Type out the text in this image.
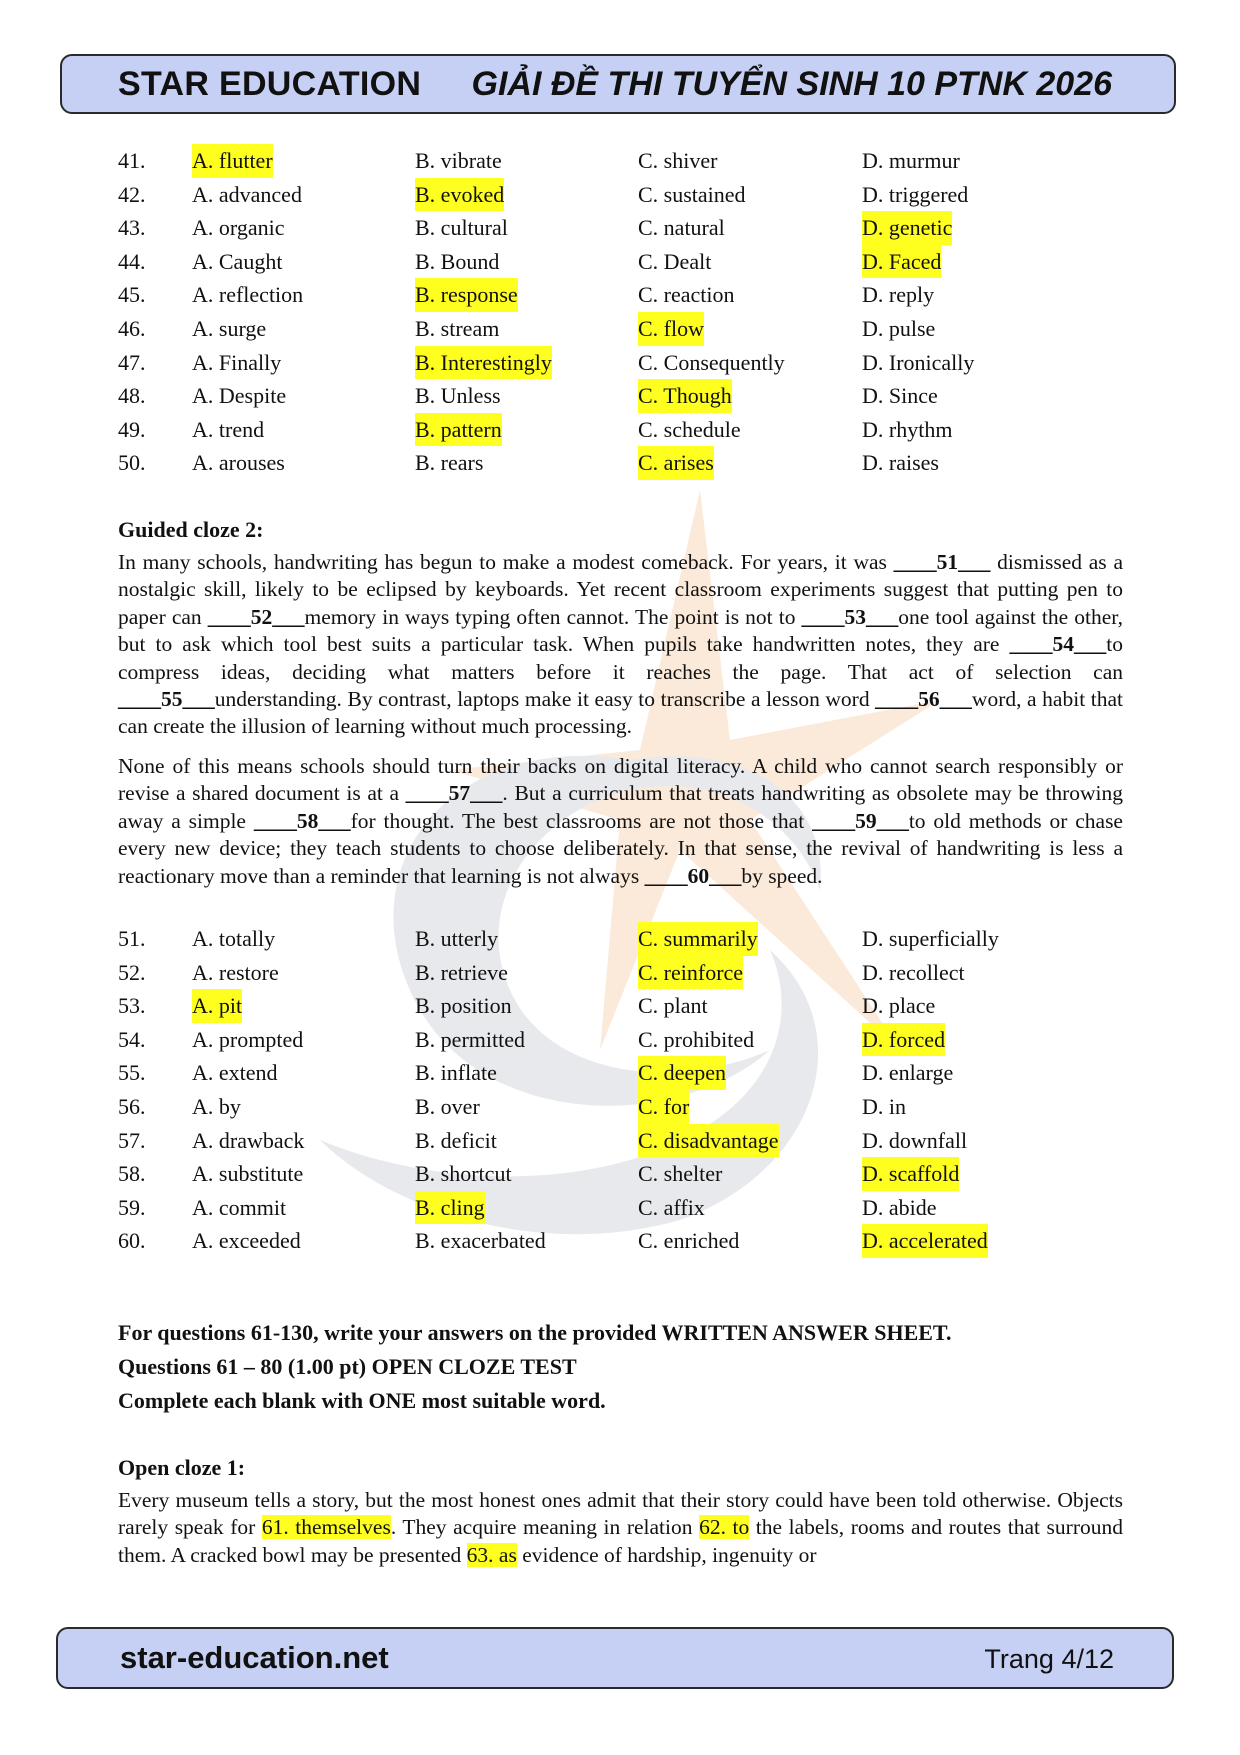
STAR EDUCATION GIẢI ĐỀ THI TUYỂN SINH 10 PTNK 2026
41. A. flutter	B. vibrate	C. shiver	D. murmur
42. A. advanced	B. evoked	C. sustained	D. triggered
43. A. organic	B. cultural	C. natural	D. genetic
44. A. Caught	B. Bound	C. Dealt	D. Faced
45. A. reflection	B. response	C. reaction	D. reply
46. A. surge	B. stream	C. flow	D. pulse
47. A. Finally	B. Interestingly	C. Consequently	D. Ironically
48. A. Despite	B. Unless	C. Though	D. Since
49. A. trend	B. pattern	C. schedule	D. rhythm
50. A. arouses	B. rears	C. arises	D. raises
Guided cloze 2:
In many schools, handwriting has begun to make a modest comeback. For years, it was ____51___ dismissed as a nostalgic skill, likely to be eclipsed by keyboards. Yet recent classroom experiments suggest that putting pen to paper can ____52___memory in ways typing often cannot. The point is not to ____53___one tool against the other, but to ask which tool best suits a particular task. When pupils take handwritten notes, they are ____54___to compress ideas, deciding what matters before it reaches the page. That act of selection can ____55___understanding. By contrast, laptops make it easy to transcribe a lesson word ____56___word, a habit that can create the illusion of learning without much processing.
None of this means schools should turn their backs on digital literacy. A child who cannot search responsibly or revise a shared document is at a ____57___. But a curriculum that treats handwriting as obsolete may be throwing away a simple ____58___for thought. The best classrooms are not those that ____59___to old methods or chase every new device; they teach students to choose deliberately. In that sense, the revival of handwriting is less a reactionary move than a reminder that learning is not always ____60___by speed.
51. A. totally	B. utterly	C. summarily	D. superficially
52. A. restore	B. retrieve	C. reinforce	D. recollect
53. A. pit	B. position	C. plant	D. place
54. A. prompted	B. permitted	C. prohibited	D. forced
55. A. extend	B. inflate	C. deepen	D. enlarge
56. A. by	B. over	C. for	D. in
57. A. drawback	B. deficit	C. disadvantage	D. downfall
58. A. substitute	B. shortcut	C. shelter	D. scaffold
59. A. commit	B. cling	C. affix	D. abide
60. A. exceeded	B. exacerbated	C. enriched	D. accelerated
For questions 61-130, write your answers on the provided WRITTEN ANSWER SHEET.
Questions 61 – 80 (1.00 pt) OPEN CLOZE TEST
Complete each blank with ONE most suitable word.
Open cloze 1:
Every museum tells a story, but the most honest ones admit that their story could have been told otherwise. Objects rarely speak for 61. themselves. They acquire meaning in relation 62. to the labels, rooms and routes that surround them. A cracked bowl may be presented 63. as evidence of hardship, ingenuity or
star-education.net	Trang 4/12
